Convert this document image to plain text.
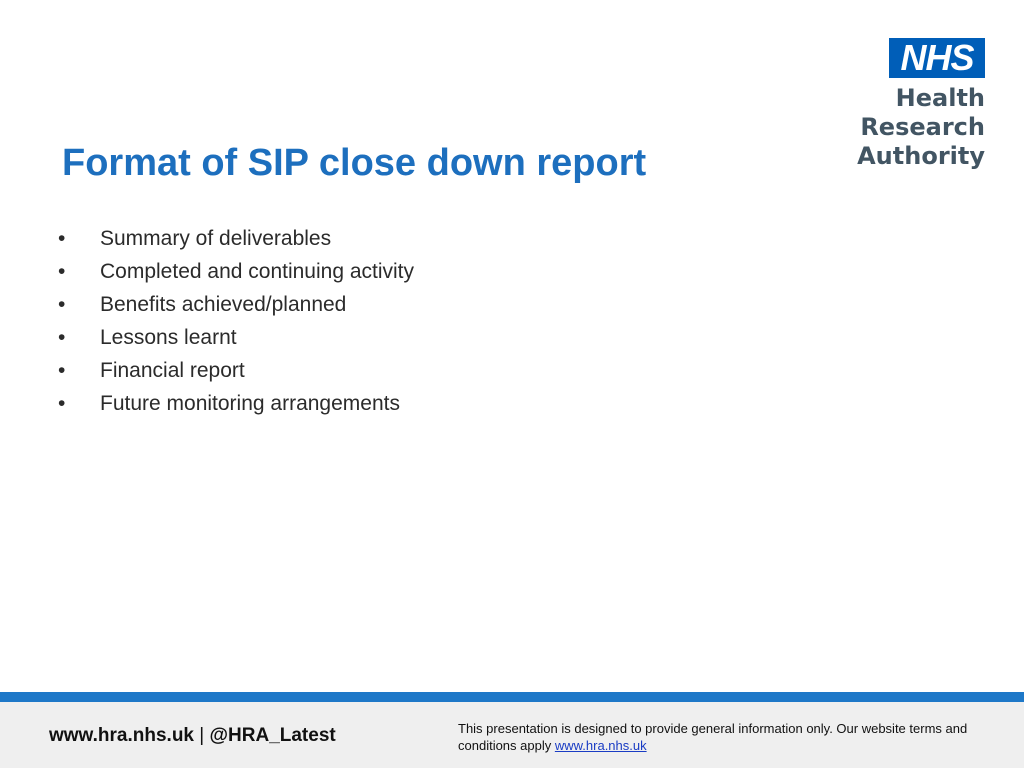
NHS
Health Research
Authority
Format of SIP close down report
•	Summary of deliverables
•	Completed and continuing activity
•	Benefits achieved/planned
•	Lessons learnt
•	Financial report
•	Future monitoring arrangements
www.hra.nhs.uk | @HRA_Latest	This presentation is designed to provide general information only. Our website terms and conditions apply www.hra.nhs.uk
